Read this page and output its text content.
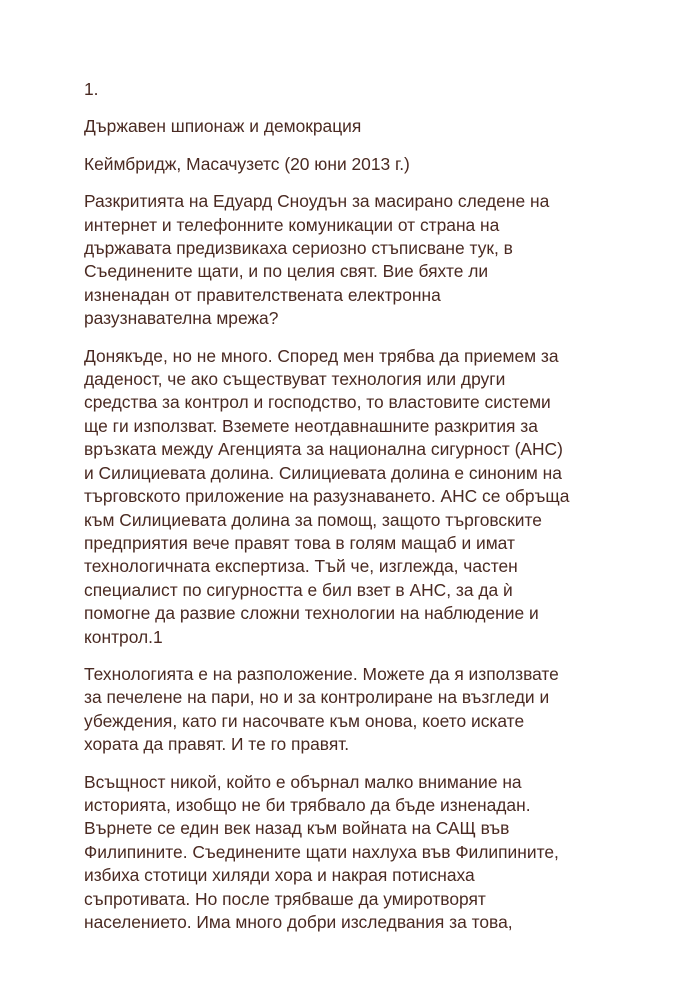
1.

Държавен шпионаж и демокрация

Кеймбридж, Масачузетс (20 юни 2013 г.)

Разкритията на Едуард Сноудън за масирано следене на
интернет и телефонните комуникации от страна на
държавата предизвикаха сериозно стъписване тук, в
Съединените щати, и по целия свят. Вие бяхте ли
изненадан от правителствената електронна
разузнавателна мрежа?

Донякъде, но не много. Според мен трябва да приемем за
даденост, че ако съществуват технология или други
средства за контрол и господство, то властовите системи
ще ги използват. Вземете неотдавнашните разкрития за
връзката между Агенцията за национална сигурност (АНС)
и Силициевата долина. Силициевата долина е синоним на
търговското приложение на разузнаването. АНС се обръща
към Силициевата долина за помощ, защото търговските
предприятия вече правят това в голям мащаб и имат
технологичната експертиза. Тъй че, изглежда, частен
специалист по сигурността е бил взет в АНС, за да ѝ
помогне да развие сложни технологии на наблюдение и
контрол.1

Технологията е на разположение. Можете да я използвате
за печелене на пари, но и за контролиране на възгледи и
убеждения, като ги насочвате към онова, което искате
хората да правят. И те го правят.

Всъщност никой, който е обърнал малко внимание на
историята, изобщо не би трябвало да бъде изненадан.
Върнете се един век назад към войната на САЩ във
Филипините. Съединените щати нахлуха във Филипините,
избиха стотици хиляди хора и накрая потиснаха
съпротивата. Но после трябваше да умиротворят
населението. Има много добри изследвания за това,
